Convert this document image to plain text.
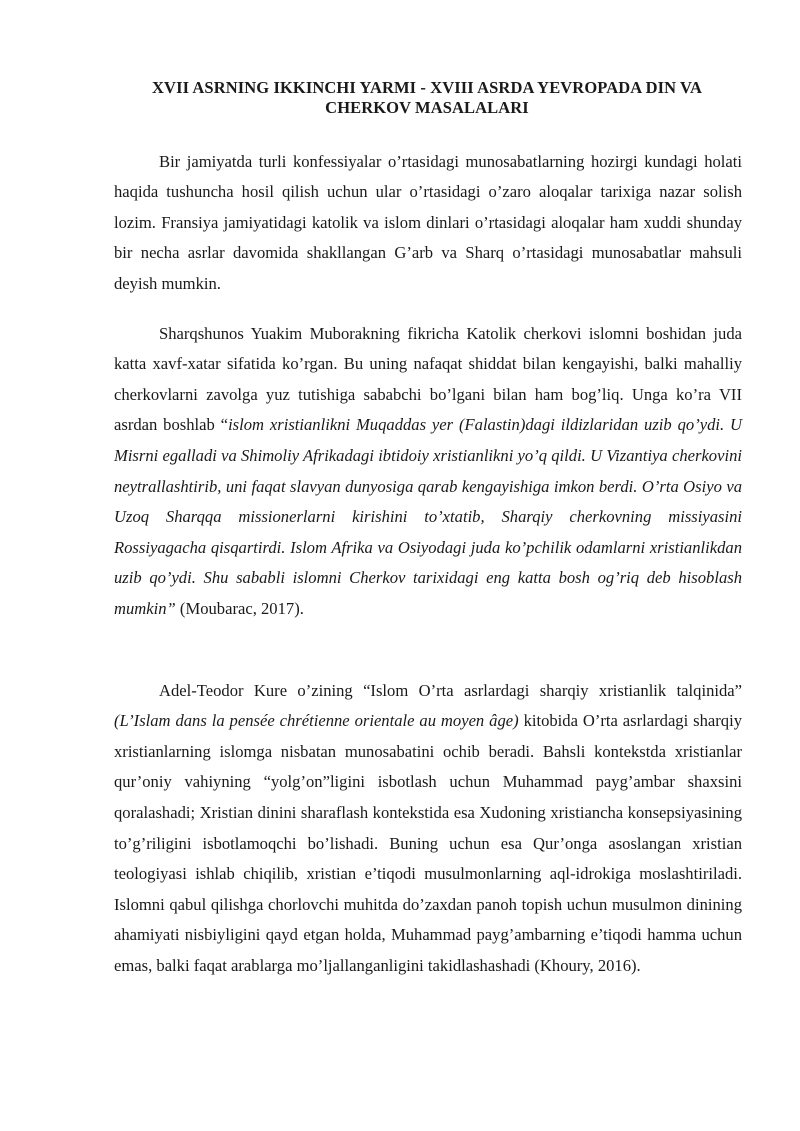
XVII ASRNING IKKINCHI YARMI - XVIII ASRDA YEVROPADA DIN VA CHERKOV MASALALARI

Bir jamiyatda turli konfessiyalar o’rtasidagi munosabatlarning hozirgi kundagi holati haqida tushuncha hosil qilish uchun ular o’rtasidagi o’zaro aloqalar tarixiga nazar solish lozim. Fransiya jamiyatidagi katolik va islom dinlari o’rtasidagi aloqalar ham xuddi shunday bir necha asrlar davomida shakllangan G’arb va Sharq o’rtasidagi munosabatlar mahsuli deyish mumkin.

Sharqshunos Yuakim Muborakning fikricha Katolik cherkovi islomni boshidan juda katta xavf-xatar sifatida ko’rgan. Bu uning nafaqat shiddat bilan kengayishi, balki mahalliy cherkovlarni zavolga yuz tutishiga sababchi bo’lgani bilan ham bog’liq. Unga ko’ra VII asrdan boshlab “islom xristianlikni Muqaddas yer (Falastin)dagi ildizlaridan uzib qo’ydi. U Misrni egalladi va Shimoliy Afrikadagi ibtidoiy xristianlikni yo’q qildi. U Vizantiya cherkovini neytrallashtirib, uni faqat slavyan dunyosiga qarab kengayishiga imkon berdi. O’rta Osiyo va Uzoq Sharqqa missionerlarni kirishini to’xtatib, Sharqiy cherkovning missiyasini Rossiyagacha qisqartirdi. Islom Afrika va Osiyodagi juda ko’pchilik odamlarni xristianlikdan uzib qo’ydi. Shu sababli islomni Cherkov tarixidagi eng katta bosh og’riq deb hisoblash mumkin” (Moubarac, 2017).

Adel-Teodor Kure o’zining “Islom O’rta asrlardagi sharqiy xristianlik talqinida” (L’Islam dans la pensée chrétienne orientale au moyen âge) kitobida O’rta asrlardagi sharqiy xristianlarning islomga nisbatan munosabatini ochib beradi. Bahsli kontekstda xristianlar qur’oniy vahiyning “yolg’on”ligini isbotlash uchun Muhammad payg’ambar shaxsini qoralashadi; Xristian dinini sharaflash kontekstida esa Xudoning xristiancha konsepsiyasining to’g’riligini isbotlamoqchi bo’lishadi. Buning uchun esa Qur’onga asoslangan xristian teologiyasi ishlab chiqilib, xristian e’tiqodi musulmonlarning aql-idrokiga moslashtiriladi. Islomni qabul qilishga chorlovchi muhitda do’zaxdan panoh topish uchun musulmon dinining ahamiyati nisbiyligini qayd etgan holda, Muhammad payg’ambarning e’tiqodi hamma uchun emas, balki faqat arablarga mo’ljallanganligini takidlashashadi (Khoury, 2016).
